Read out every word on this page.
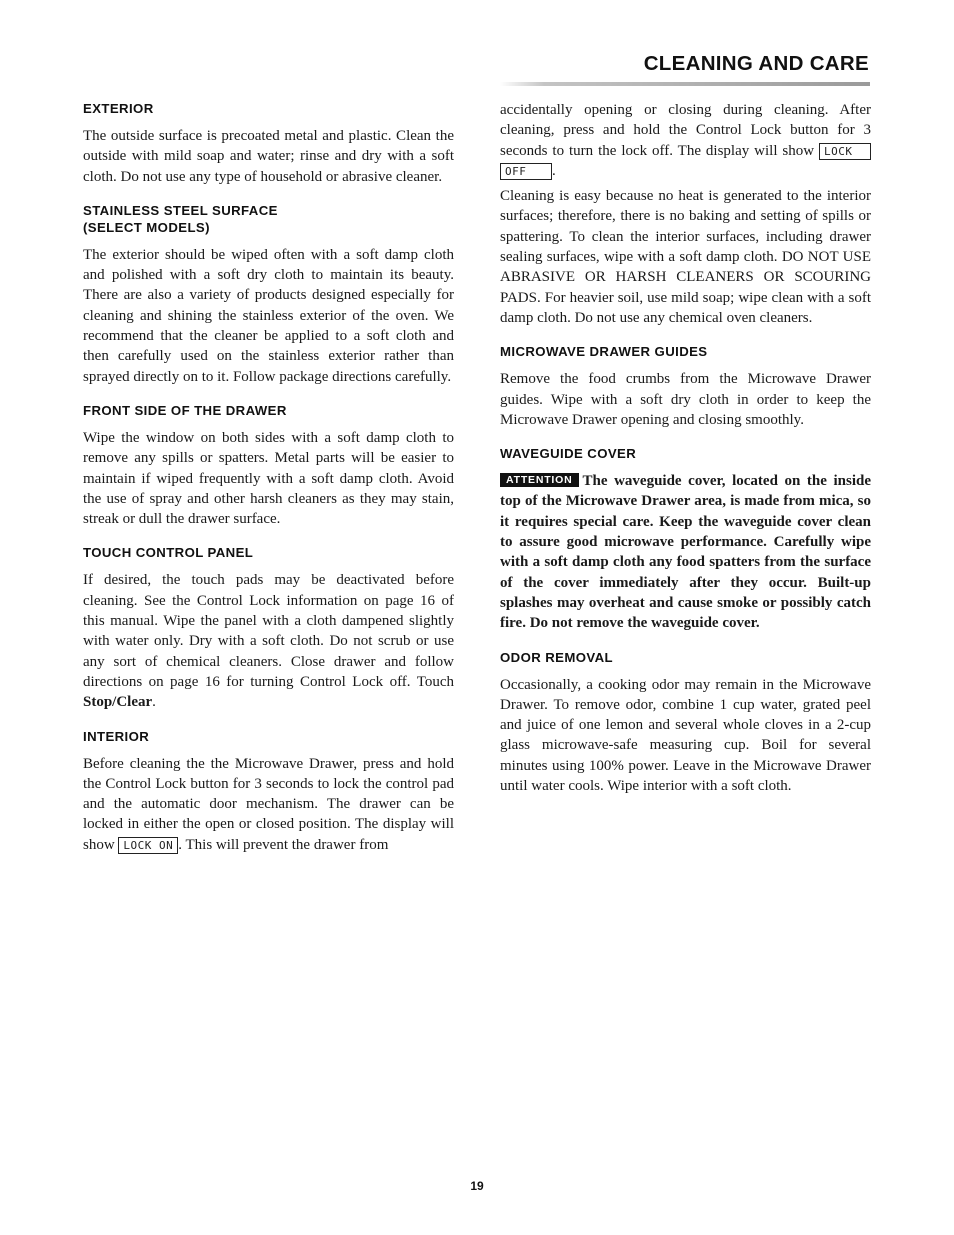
CLEANING AND CARE
EXTERIOR

The outside surface is precoated metal and plastic. Clean the outside with mild soap and water; rinse and dry with a soft cloth. Do not use any type of household or abrasive cleaner.

STAINLESS STEEL SURFACE
(SELECT MODELS)

The exterior should be wiped often with a soft damp cloth and polished with a soft dry cloth to maintain its beauty. There are also a variety of products designed especially for cleaning and shining the stainless exterior of the oven. We recommend that the cleaner be applied to a soft cloth and then carefully used on the stainless exterior rather than sprayed directly on to it. Follow package directions carefully.

FRONT SIDE OF THE DRAWER

Wipe the window on both sides with a soft damp cloth to remove any spills or spatters. Metal parts will be easier to maintain if wiped frequently with a soft damp cloth. Avoid the use of spray and other harsh cleaners as they may stain, streak or dull the drawer surface.

TOUCH CONTROL PANEL

If desired, the touch pads may be deactivated before cleaning. See the Control Lock information on page 16 of this manual. Wipe the panel with a cloth dampened slightly with water only. Dry with a soft cloth. Do not scrub or use any sort of chemical cleaners. Close drawer and follow directions on page 16 for turning Control Lock off. Touch Stop/Clear.

INTERIOR

Before cleaning the the Microwave Drawer, press and hold the Control Lock button for 3 seconds to lock the control pad and the automatic door mechanism. The drawer can be locked in either the open or closed position. The display will show LOCK ON . This will prevent the drawer from

accidentally opening or closing during cleaning. After cleaning, press and hold the Control Lock button for 3 seconds to turn the lock off. The display will show LOCK OFF .

Cleaning is easy because no heat is generated to the interior surfaces; therefore, there is no baking and setting of spills or spattering. To clean the interior surfaces, including drawer sealing surfaces, wipe with a soft damp cloth. DO NOT USE ABRASIVE OR HARSH CLEANERS OR SCOURING PADS. For heavier soil, use mild soap; wipe clean with a soft damp cloth. Do not use any chemical oven cleaners.

MICROWAVE DRAWER GUIDES

Remove the food crumbs from the Microwave Drawer guides. Wipe with a soft dry cloth in order to keep the Microwave Drawer opening and closing smoothly.

WAVEGUIDE COVER

ATTENTION The waveguide cover, located on the inside top of the Microwave Drawer area, is made from mica, so it requires special care. Keep the waveguide cover clean to assure good microwave performance. Carefully wipe with a soft damp cloth any food spatters from the surface of the cover immediately after they occur. Built-up splashes may overheat and cause smoke or possibly catch fire. Do not remove the waveguide cover.

ODOR REMOVAL

Occasionally, a cooking odor may remain in the Microwave Drawer. To remove odor, combine 1 cup water, grated peel and juice of one lemon and several whole cloves in a 2-cup glass microwave-safe measuring cup. Boil for several minutes using 100% power. Leave in the Microwave Drawer until water cools. Wipe interior with a soft cloth.

19
